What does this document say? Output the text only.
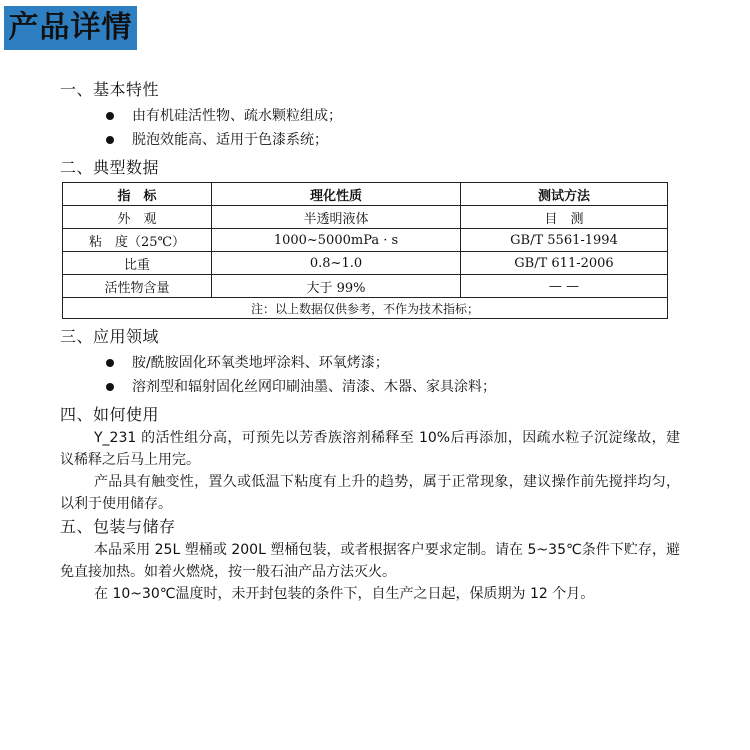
产品详情
一、基本特性
由有机硅活性物、疏水颗粒组成；
脱泡效能高、适用于色漆系统；
二、典型数据
指　标	理化性质	测试方法
外　观	半透明液体	目　测
粘　度（25℃）	1000~5000mPa · s	GB/T 5561-1994
比重	0.8~1.0	GB/T 611-2006
活性物含量	大于 99%	— —
注：以上数据仅供参考，不作为技术指标；		
三、应用领域
胺/酰胺固化环氧类地坪涂料、环氧烤漆；
溶剂型和辐射固化丝网印刷油墨、清漆、木器、家具涂料；
四、如何使用

Y_231 的活性组分高，可预先以芳香族溶剂稀释至 10%后再添加，因疏水粒子沉淀缘故，建议稀释之后马上用完。

产品具有触变性，置久或低温下粘度有上升的趋势，属于正常现象，建议操作前先搅拌均匀，以利于使用储存。

五、包装与储存

本品采用 25L 塑桶或 200L 塑桶包装，或者根据客户要求定制。请在 5~35℃条件下贮存，避免直接加热。如着火燃烧，按一般石油产品方法灭火。

在 10~30℃温度时，未开封包装的条件下，自生产之日起，保质期为 12 个月。
